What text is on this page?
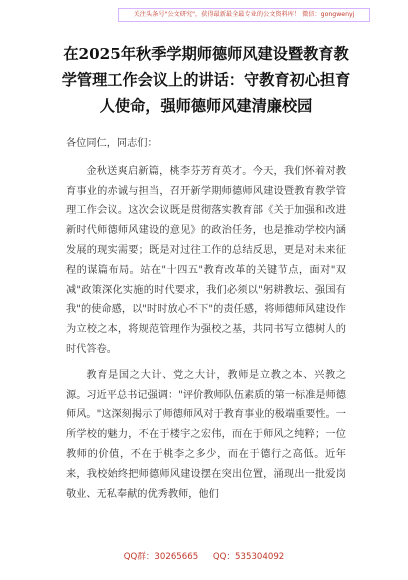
关注头条号"公文研究"，获得最新最全最专业的公文资料库！ 微信：gongwenyj
在2025年秋季学期师德师风建设暨教育教学管理工作会议上的讲话：守教育初心担育人使命，强师德师风建清廉校园

各位同仁，同志们：

金秋送爽启新篇，桃李芬芳育英才。今天，我们怀着对教育事业的赤诚与担当，召开新学期师德师风建设暨教育教学管理工作会议。这次会议既是贯彻落实教育部《关于加强和改进新时代师德师风建设的意见》的政治任务，也是推动学校内涵发展的现实需要；既是对过往工作的总结反思，更是对未来征程的谋篇布局。站在"十四五"教育改革的关键节点，面对"双减"政策深化实施的时代要求，我们必须以"躬耕教坛、强国有我"的使命感，以"时时放心不下"的责任感，将师德师风建设作为立校之本，将规范管理作为强校之基，共同书写立德树人的时代答卷。

教育是国之大计、党之大计，教师是立教之本、兴教之源。习近平总书记强调："评价教师队伍素质的第一标准是师德师风。"这深刻揭示了师德师风对于教育事业的极端重要性。一所学校的魅力，不在于楼宇之宏伟，而在于师风之纯粹；一位教师的价值，不在于桃李之多少，而在于德行之高低。近年来，我校始终把师德师风建设摆在突出位置，涌现出一批爱岗敬业、无私奉献的优秀教师，他们

QQ群：30265665 QQ：535304092
